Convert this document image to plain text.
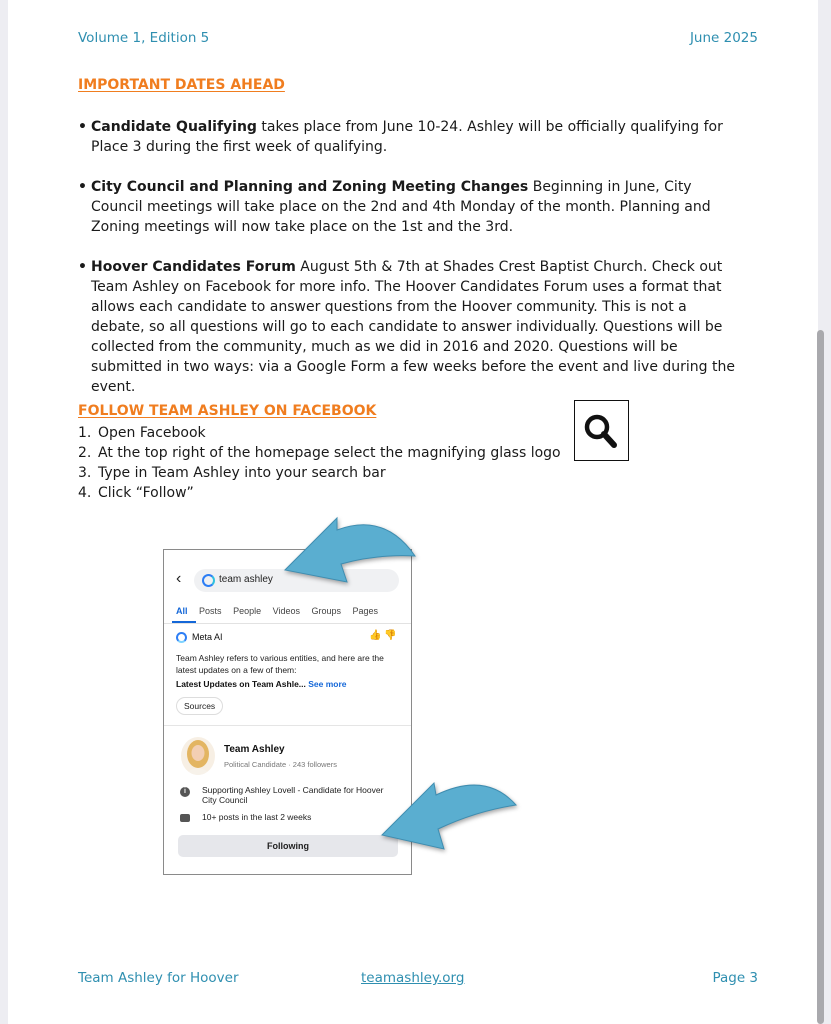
Volume 1, Edition 5	June 2025
IMPORTANT DATES AHEAD
• Candidate Qualifying takes place from June 10-24. Ashley will be officially qualifying for Place 3 during the first week of qualifying.
• City Council and Planning and Zoning Meeting Changes Beginning in June, City Council meetings will take place on the 2nd and 4th Monday of the month. Planning and Zoning meetings will now take place on the 1st and the 3rd.
• Hoover Candidates Forum August 5th & 7th at Shades Crest Baptist Church. Check out Team Ashley on Facebook for more info. The Hoover Candidates Forum uses a format that allows each candidate to answer questions from the Hoover community. This is not a debate, so all questions will go to each candidate to answer individually. Questions will be collected from the community, much as we did in 2016 and 2020. Questions will be submitted in two ways: via a Google Form a few weeks before the event and live during the event.
FOLLOW TEAM ASHLEY ON FACEBOOK
1. Open Facebook
2. At the top right of the homepage select the magnifying glass logo
3. Type in Team Ashley into your search bar
4. Click “Follow”
‹	team ashley
All Posts People Videos Groups Pages
Meta AI	👍 👎
Team Ashley refers to various entities, and here are the latest updates on a few of them:
Latest Updates on Team Ashle... See more
Sources
Team Ashley
Political Candidate · 243 followers
i	Supporting Ashley Lovell - Candidate for Hoover City Council
10+ posts in the last 2 weeks
Following
Team Ashley for Hoover	teamashley.org	Page 3
